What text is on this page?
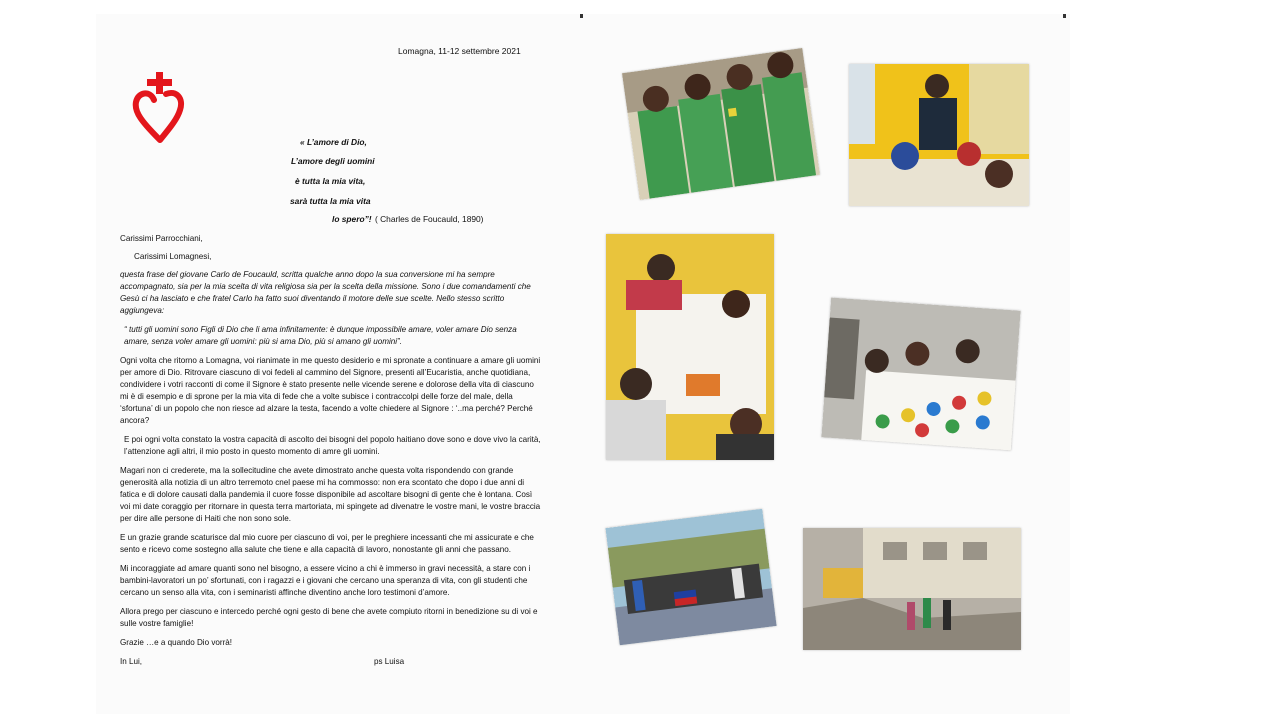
Lomagna, 11-12 settembre 2021
« L’amore di Dio,
L’amore degli uomini
è tutta la mia vita,
sarà tutta la mia vita
lo spero”! ( Charles de Foucauld, 1890)

Carissimi Parrocchiani,

Carissimi Lomagnesi,

questa frase del giovane Carlo de Foucauld, scritta qualche anno dopo la sua conversione mi ha sempre accompagnato, sia per la mia scelta di vita religiosa sia per la scelta della missione. Sono i due comandamenti che Gesù ci ha lasciato e che fratel Carlo ha fatto suoi diventando il motore delle sue scelte. Nello stesso scritto aggiungeva:

“ tutti gli uomini sono Figli di Dio che li ama infinitamente: è dunque impossibile amare, voler amare Dio senza amare, senza voler amare gli uomini: più si ama Dio, più si amano gli uomini”.

Ogni volta che ritorno a Lomagna, voi rianimate in me questo desiderio e mi spronate a continuare a amare gli uomini per amore di Dio. Ritrovare ciascuno di voi fedeli al cammino del Signore, presenti all’Eucaristia, anche quotidiana, condividere i votri racconti di come il Signore è stato presente nelle vicende serene e dolorose della vita di ciascuno mi è di esempio e di sprone per la mia vita di fede che a volte subisce i contraccolpi delle forze del male, della ‘sfortuna’ di un popolo che non riesce ad alzare la testa, facendo a volte chiedere al Signore : ‘..ma perché? Perché ancora?

E poi ogni volta constato la vostra capacità di ascolto dei bisogni del popolo haitiano dove sono e dove vivo la carità, l’attenzione agli altri, il mio posto in questo momento di amre gli uomini.

Magari non ci crederete, ma la sollecitudine che avete dimostrato anche questa volta rispondendo con grande generosità alla notizia di un altro terremoto cnel paese mi ha commosso: non era scontato che dopo i due anni di fatica e di dolore causati dalla pandemia il cuore fosse disponibile ad ascoltare bisogni di gente che è lontana. Così voi mi date coraggio per ritornare in questa terra martoriata, mi spingete ad divenatre le vostre mani, le vostre braccia per dire alle persone di Haiti che non sono sole.

E un grazie grande scaturisce dal mio cuore per ciascuno di voi, per le preghiere incessanti che mi assicurate e che sento e ricevo come sostegno alla salute che tiene e alla capacità di lavoro, nonostante gli anni che passano.

Mi incoraggiate ad amare quanti sono nel bisogno, a essere vicino a chi è immerso in gravi necessità, a stare con i bambini-lavoratori un po’ sfortunati, con i ragazzi e i giovani che cercano una speranza di vita, con gli studenti che cercano un senso alla vita, con i seminaristi affinche diventino anche loro testimoni d’amore.

Allora prego per ciascuno e intercedo perché ogni gesto di bene che avete compiuto ritorni in benedizione su di voi e sulle vostre famiglie!

Grazie …e a quando Dio vorrà!

In Lui,	ps Luisa
